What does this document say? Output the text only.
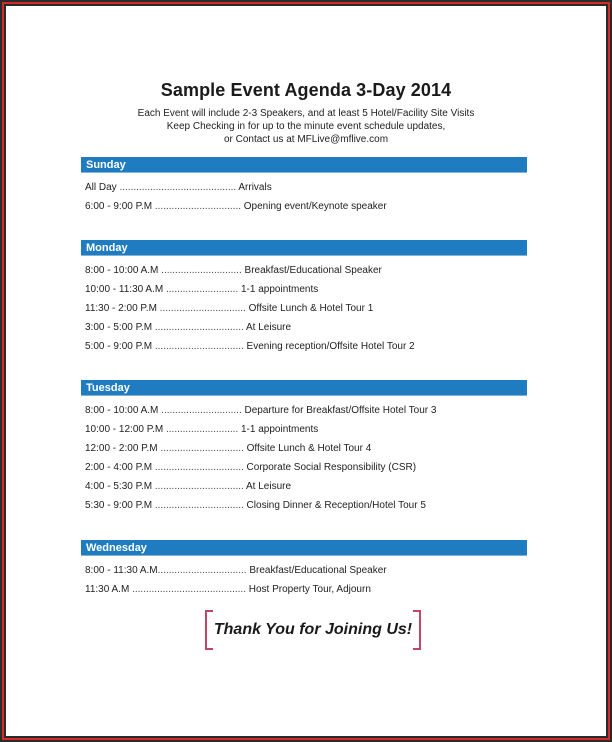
Sample Event Agenda 3-Day 2014
Each Event will include 2-3 Speakers, and at least 5 Hotel/Facility Site Visits
Keep Checking in for up to the minute event schedule updates,
or Contact us at MFLive@mflive.com
Sunday
All Day .......................................... Arrivals
6:00 - 9:00 P.M ............................... Opening event/Keynote speaker
Monday
8:00 - 10:00 A.M ............................. Breakfast/Educational Speaker
10:00 - 11:30 A.M .......................... 1-1 appointments
11:30 - 2:00 P.M ............................... Offsite Lunch & Hotel Tour 1
3:00 - 5:00 P.M ................................ At Leisure
5:00 - 9:00 P.M ................................ Evening reception/Offsite Hotel Tour 2
Tuesday
8:00 - 10:00 A.M ............................. Departure for Breakfast/Offsite Hotel Tour 3
10:00 - 12:00 P.M .......................... 1-1 appointments
12:00 - 2:00 P.M .............................. Offsite Lunch & Hotel Tour 4
2:00 - 4:00 P.M ................................ Corporate Social Responsibility (CSR)
4:00 - 5:30 P.M ................................ At Leisure
5:30 - 9:00 P.M ................................ Closing Dinner & Reception/Hotel Tour 5
Wednesday
8:00 - 11:30 A.M................................ Breakfast/Educational Speaker
11:30 A.M ......................................... Host Property Tour, Adjourn
Thank You for Joining Us!
